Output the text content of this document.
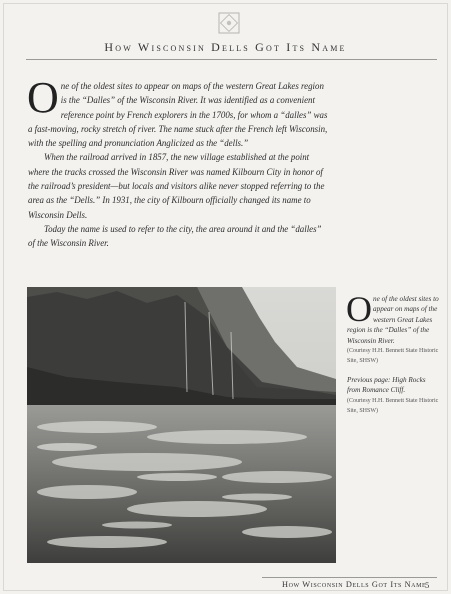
How Wisconsin Dells Got Its Name

One of the oldest sites to appear on maps of the western Great Lakes region is the “Dalles” of the Wisconsin River. It was identified as a convenient reference point by French explorers in the 1700s, for whom a “dalles” was a fast-moving, rocky stretch of river. The name stuck after the French left Wisconsin, with the spelling and pronunciation Anglicized as the “dells.”

When the railroad arrived in 1857, the new village established at the point where the tracks crossed the Wisconsin River was named Kilbourn City in honor of the railroad’s president—but locals and visitors alike never stopped referring to the area as the “Dells.” In 1931, the city of Kilbourn officially changed its name to Wisconsin Dells.

Today the name is used to refer to the city, the area around it and the “dalles” of the Wisconsin River.

One of the oldest sites to appear on maps of the western Great Lakes region is the “Dalles” of the Wisconsin River.
(Courtesy H.H. Bennett State Historic Site, SHSW)
Previous page: High Rocks from Romance Cliff.
(Courtesy H.H. Bennett State Historic Site, SHSW)
How Wisconsin Dells Got Its Name
5
